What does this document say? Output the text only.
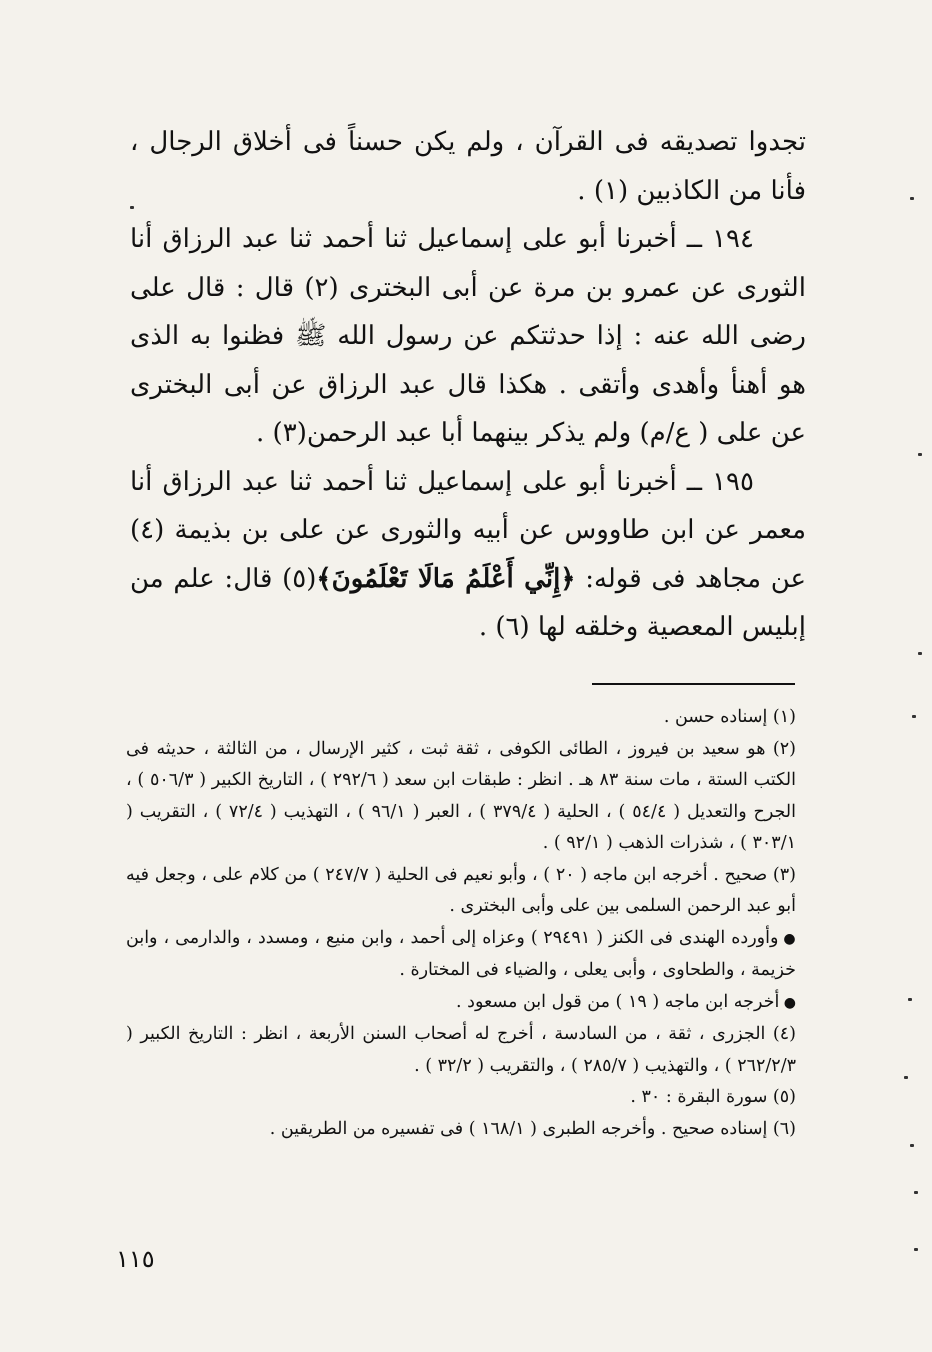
تجدوا تصديقه فى القرآن ، ولم يكن حسناً فى أخلاق الرجال ، فأنا من الكاذبين (١) .

١٩٤ ــ أخبرنا أبو على إسماعيل ثنا أحمد ثنا عبد الرزاق أنا الثورى عن عمرو بن مرة عن أبى البخترى (٢) قال : قال على رضى الله عنه : إذا حدثتكم عن رسول الله ﷺ فظنوا به الذى هو أهنأ وأهدى وأتقى . هكذا قال عبد الرزاق عن أبى البخترى عن على ( ع/م) ولم يذكر بينهما أبا عبد الرحمن(٣) .

١٩٥ ــ أخبرنا أبو على إسماعيل ثنا أحمد ثنا عبد الرزاق أنا معمر عن ابن طاووس عن أبيه والثورى عن على بن بذيمة (٤) عن مجاهد فى قوله: ﴿إِنِّي أَعْلَمُ مَالَا تَعْلَمُونَ﴾(٥) قال: علم من إبليس المعصية وخلقه لها (٦) .

(١) إسناده حسن .

(٢) هو سعيد بن فيروز ، الطائى الكوفى ، ثقة ثبت ، كثير الإرسال ، من الثالثة ، حديثه فى الكتب الستة ، مات سنة ٨٣ هـ . انظر : طبقات ابن سعد ( ٢٩٢/٦ ) ، التاريخ الكبير ( ٥٠٦/٣ ) ، الجرح والتعديل ( ٥٤/٤ ) ، الحلية ( ٣٧٩/٤ ) ، العبر ( ٩٦/١ ) ، التهذيب ( ٧٢/٤ ) ، التقريب ( ٣٠٣/١ ) ، شذرات الذهب ( ٩٢/١ ) .

(٣) صحيح . أخرجه ابن ماجه ( ٢٠ ) ، وأبو نعيم فى الحلية ( ٢٤٧/٧ ) من كلام على ، وجعل فيه أبو عبد الرحمن السلمى بين على وأبى البخترى .

● وأورده الهندى فى الكنز ( ٢٩٤٩١ ) وعزاه إلى أحمد ، وابن منيع ، ومسدد ، والدارمى ، وابن خزيمة ، والطحاوى ، وأبى يعلى ، والضياء فى المختارة .

● أخرجه ابن ماجه ( ١٩ ) من قول ابن مسعود .

(٤) الجزرى ، ثقة ، من السادسة ، أخرج له أصحاب السنن الأربعة ، انظر : التاريخ الكبير ( ٢٦٢/٢/٣ ) ، والتهذيب ( ٢٨٥/٧ ) ، والتقريب ( ٣٢/٢ ) .

(٥) سورة البقرة : ٣٠ .

(٦) إسناده صحيح . وأخرجه الطبرى ( ١٦٨/١ ) فى تفسيره من الطريقين .

١١٥
